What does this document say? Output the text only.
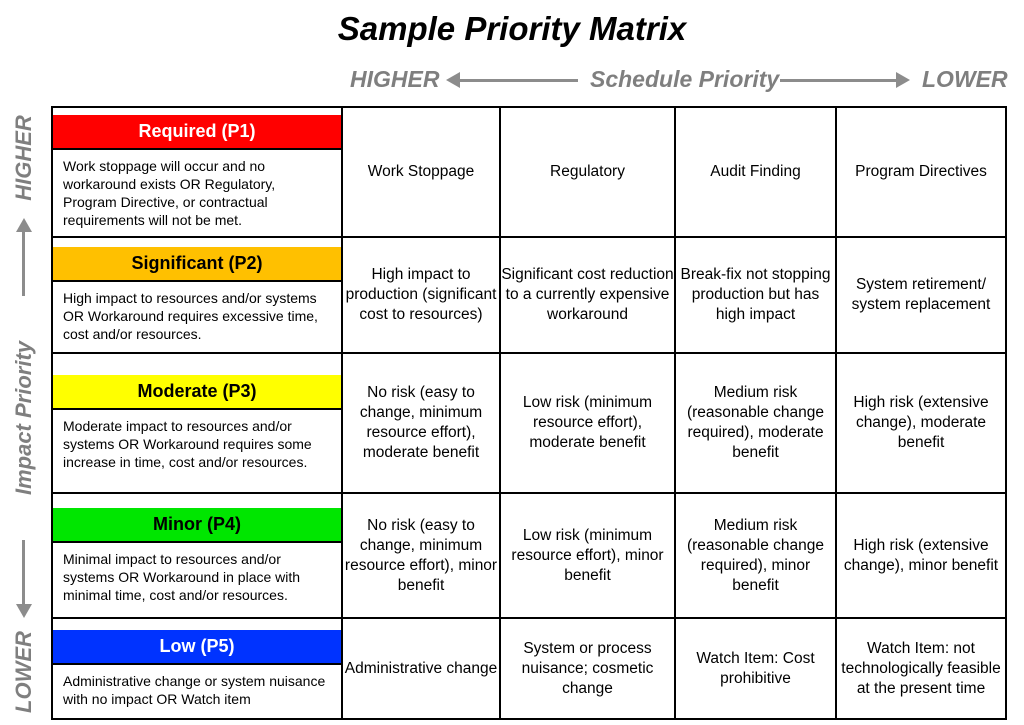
Sample Priority Matrix
HIGHER	Schedule Priority	LOWER
HIGHER
Impact Priority
LOWER
Required (P1)
Work stoppage will occur and no workaround exists OR Regulatory, Program Directive, or contractual requirements will not be met.	Work Stoppage	Regulatory	Audit Finding	Program Directives

Significant (P2)
High impact to resources and/or systems OR Workaround requires excessive time, cost and/or resources.	High impact to production (significant cost to resources)	Significant cost reduction to a currently expensive workaround	Break-fix not stopping production but has high impact	System retirement/ system replacement

Moderate (P3)
Moderate impact to resources and/or systems OR Workaround requires some increase in time, cost and/or resources.	No risk (easy to change, minimum resource effort), moderate benefit	Low risk (minimum resource effort), moderate benefit	Medium risk (reasonable change required), moderate benefit	High risk (extensive change), moderate benefit

Minor (P4)
Minimal impact to resources and/or systems OR Workaround in place with minimal time, cost and/or resources.	No risk (easy to change, minimum resource effort), minor benefit	Low risk (minimum resource effort), minor benefit	Medium risk (reasonable change required), minor benefit	High risk (extensive change), minor benefit

Low (P5)
Administrative change or system nuisance with no impact OR Watch item	Administrative change	System or process nuisance; cosmetic change	Watch Item: Cost prohibitive	Watch Item: not technologically feasible at the present time
